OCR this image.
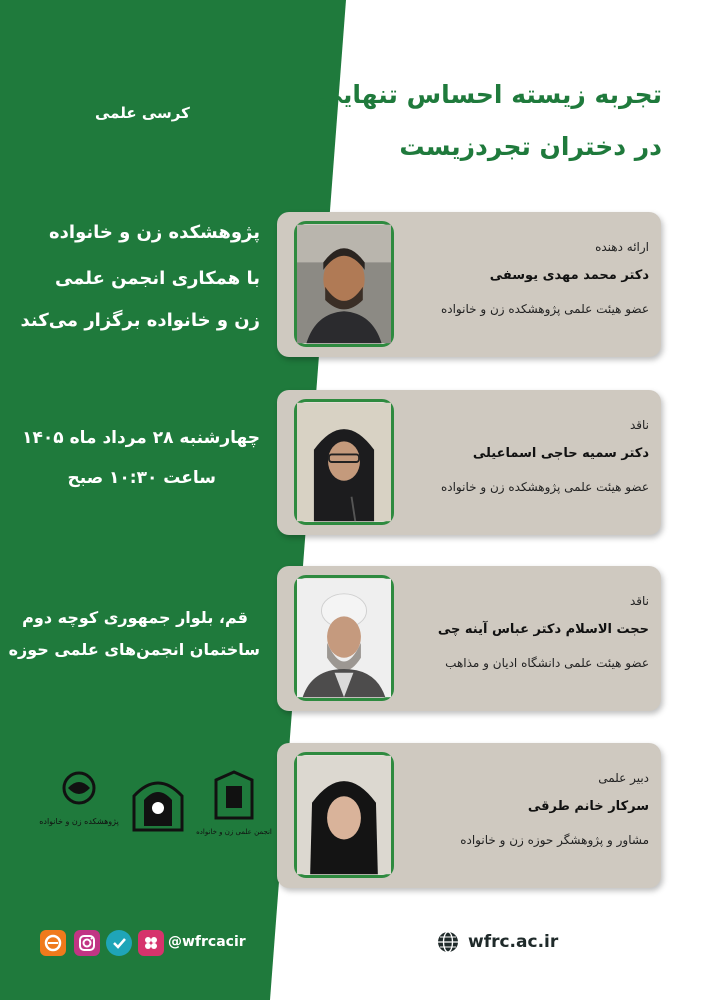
تجربه زیسته احساس تنهایی
در دختران تجردزیست
کرسی علمی
پژوهشکده زن و خانواده
با همکاری انجمن علمی
زن و خانواده برگزار می‌کند
چهارشنبه ۲۸ مرداد ماه ۱۴۰۵
ساعت ۱۰:۳۰ صبح
قم، بلوار جمهوری کوچه دوم
ساختمان انجمن‌های علمی حوزه
ارائه دهنده
دکتر محمد مهدی یوسفی
عضو هیئت علمی پژوهشکده زن و خانواده
ناقد
دکتر سمیه حاجی اسماعیلی
عضو هیئت علمی پژوهشکده زن و خانواده
ناقد
حجت الاسلام دکتر عباس آینه چی
عضو هیئت علمی دانشگاه ادیان و مذاهب
دبیر علمی
سرکار خانم طرقی
مشاور و پژوهشگر حوزه زن و خانواده
پژوهشکده زن و خانواده
انجمن علمی زن و خانواده
@wfrcacir	wfrc.ac.ir
